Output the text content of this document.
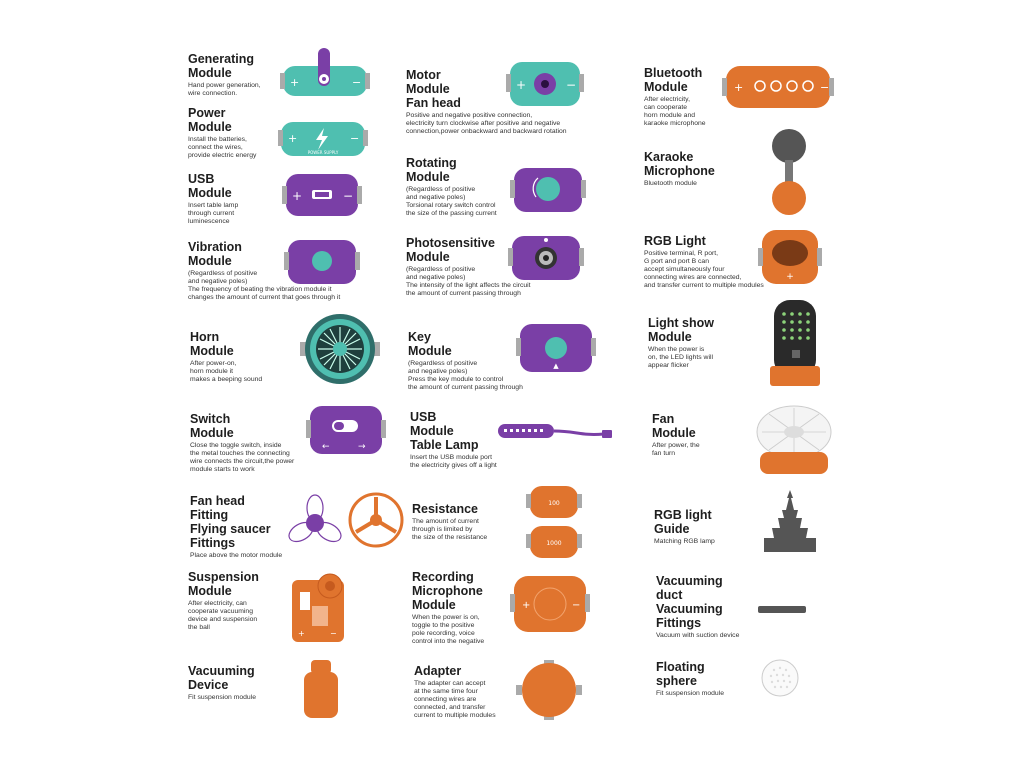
Generating
Module
Hand power generation,
wire connection.
+	−
Power
Module
Install the batteries,
connect the wires,
provide electric energy
+	−
POWER SUPPLY
USB
Module
Insert table lamp
through current
luminescence
+	−
Vibration
Module
(Regardless of positive
and negative poles)
The frequency of beating the vibration module it
changes the amount of current that goes through it
Horn
Module
After power-on,
horn module it
makes a beeping sound
Switch
Module
Close the toggle switch, inside
the metal touches the connecting
wire connects the circuit,the power
module starts to work
←	→
Fan head
Fitting
Flying saucer
Fittings
Place above the motor module
Suspension
Module
After electricity, can
cooperate vacuuming
device and suspension
the ball
+	−
Vacuuming
Device
Fit suspension module
Motor
Module
Fan head
Positive and negative positive connection,
electricity turn clockwise after positive and negative
connection,power onbackward and backward rotation
+	−
Rotating
Module
(Regardless of positive
and negative poles)
Torsional rotary switch control
the size of the passing current
Photosensitive
Module
(Regardless of positive
and negative poles)
The intensity of the light affects the circuit
the amount of current passing through
Key
Module
(Regardless of positive
and negative poles)
Press the key module to control
the amount of current passing through
▲
USB
Module
Table Lamp
Insert the USB module port
the electricity gives off a light
Resistance
The amount of current
through is limited by
the size of the resistance
100
1000
Recording
Microphone
Module
When the power is on,
toggle to the positive
pole recording, voice
control into the negative
+	−
Adapter
The adapter can accept
at the same time four
connecting wires are
connected, and transfer
current to multiple modules
Bluetooth
Module
After electricity,
can cooperate
horn module and
karaoke microphone
+	−
Karaoke
Microphone
Bluetooth module
RGB Light
Positive terminal, R port,
G port and port B can
accept simultaneously four
connecting wires are connected,
and transfer current to multiple modules
+
Light show
Module
When the power is
on, the LED lights will
appear flicker
Fan
Module
After power, the
fan turn
RGB light
Guide
Matching RGB lamp
Vacuuming
duct
Vacuuming
Fittings
Vacuum with suction device
Floating
sphere
Fit suspension module
